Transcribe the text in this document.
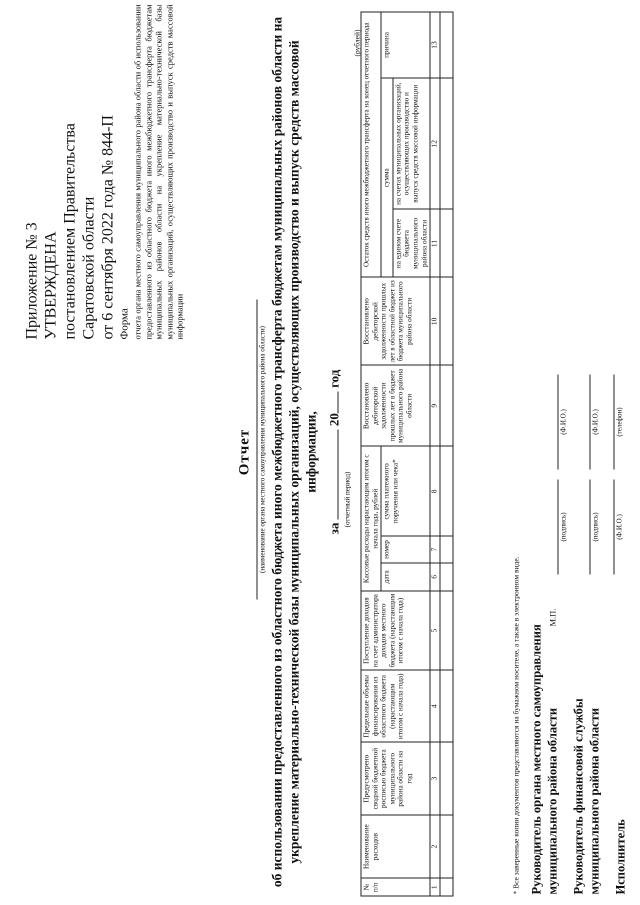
Приложение № 3 УТВЕРЖДЕНА постановлением Правительства Саратовской области от 6 сентября 2022 года № 844-П Форма отчета органа местного самоуправления муниципального района области об использовании предоставленного из областного бюджета иного межбюджетного трансферта бюджетам муниципальных районов области на укрепление материально-технической базы муниципальных организаций, осуществляющих производство и выпуск средств массовой информации
Отчет (наименование органа местного самоуправления муниципального района области) об использовании предоставленного из областного бюджета иного межбюджетного трансферта бюджетам муниципальных районов области на укрепление материально-технической базы муниципальных организаций, осуществляющих производство и выпуск средств массовой информации,
за  20 год
(отчетный период)
(рублей)
№ п/п	Наименование расходов	Предусмотрено сводной бюджетной росписью бюджета муниципального района области на год	Предельные объемы финансирования из областного бюджета (нарастающим итогом с начала года)	Поступление доходов на счет администратора доходов местного бюджета (нарастающим итогом с начала года)	Кассовые расходы нарастающим итогом с начала года, рублей			Восстановлено дебиторской задолженности прошлых лет в бюджет муниципального района области	Восстановлено дебиторской задолженности прошлых лет в областной бюджет из бюджета муниципального района области	Остаток средств иного межбюджетного трансферта на конец отчетного периода		
					дата	номер	сумма платежного поручения или чека*			сумма		причина
										на едином счете бюджета муниципального района области	на счетах муниципальных организаций, осуществляющих производство и выпуск средств массовой информации	
1	2	3	4	5	6	7	8	9	10	11	12	13

* Все заверенные копии документов представляются на бумажном носителе, а также в электронном виде. Руководитель органа местного самоуправления муниципального района области
М.П.
(подпись)
(Ф.И.О.)
Руководитель финансовой службы муниципального района области
(подпись)
(Ф.И.О.)
Исполнитель
(Ф.И.О.)
(телефон)
